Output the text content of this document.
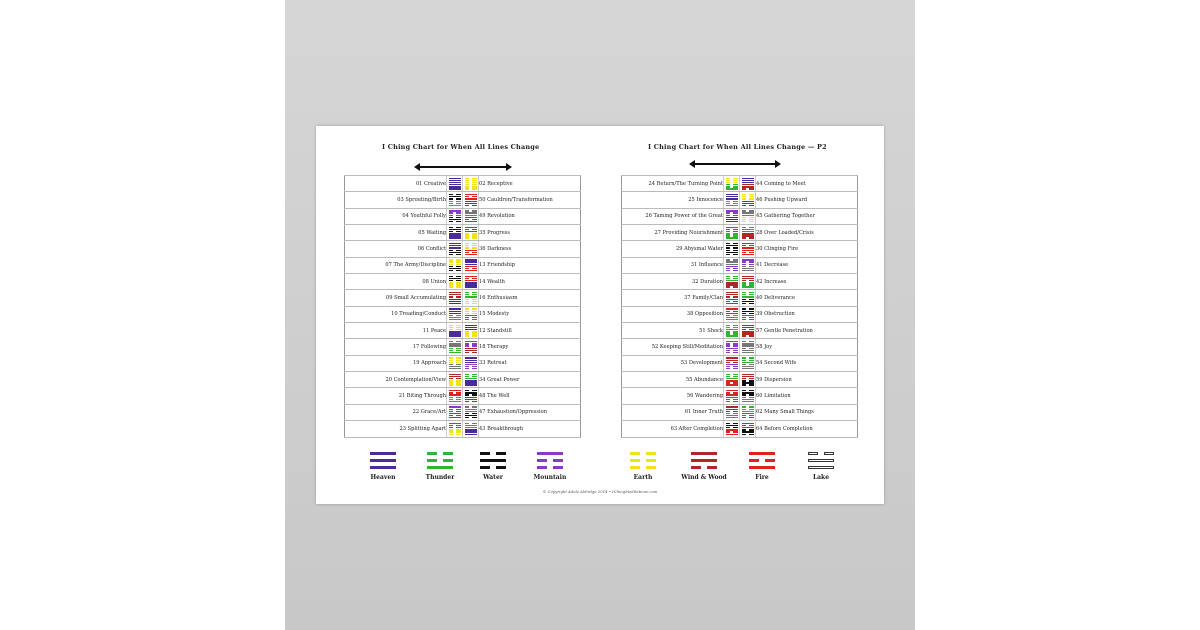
I Ching Chart for When All Lines Change	I Ching Chart for When All Lines Change — P2
01 Creative			02 Receptive
03 Sprouting/Birth			50 Cauldron/Transformation
04 Youthful Folly			49 Revolution
05 Waiting			35 Progress
06 Conflict			36 Darkness
07 The Army/Discipline			13 Friendship
08 Union			14 Wealth
09 Small Accumulating			16 Enthusiasm
10 Treading/Conduct			15 Modesty
11 Peace			12 Standstill
17 Following			18 Therapy
19 Approach			33 Retreat
20 Contemplation/View			34 Great Power
21 Biting Through			48 The Well
22 Grace/Art			47 Exhaustion/Oppression
23 Splitting Apart			43 Breakthrough
24 Return/The Turning Point			44 Coming to Meet
25 Innocence			46 Pushing Upward
26 Taming Power of the Great			45 Gathering Together
27 Providing Nourishment			28 Over Loaded/Crisis
29 Abysmal Water			30 Clinging Fire
31 Influence			41 Decrease
32 Duration			42 Increase
37 Family/Clan			40 Deliverance
38 Opposition			39 Obstruction
51 Shock			57 Gentle Penetration
52 Keeping Still/Meditation			58 Joy
53 Development			54 Second Wife
55 Abundance			59 Dispersion
56 Wandering			60 Limitation
61 Inner Truth			62 Many Small Things
63 After Completion			64 Before Completion
Heaven	Thunder	Water	Mountain	Earth	Wind & Wood	Fire	Lake
© Copyright Adele Aldridge 2014 • IChingMeditations.com
